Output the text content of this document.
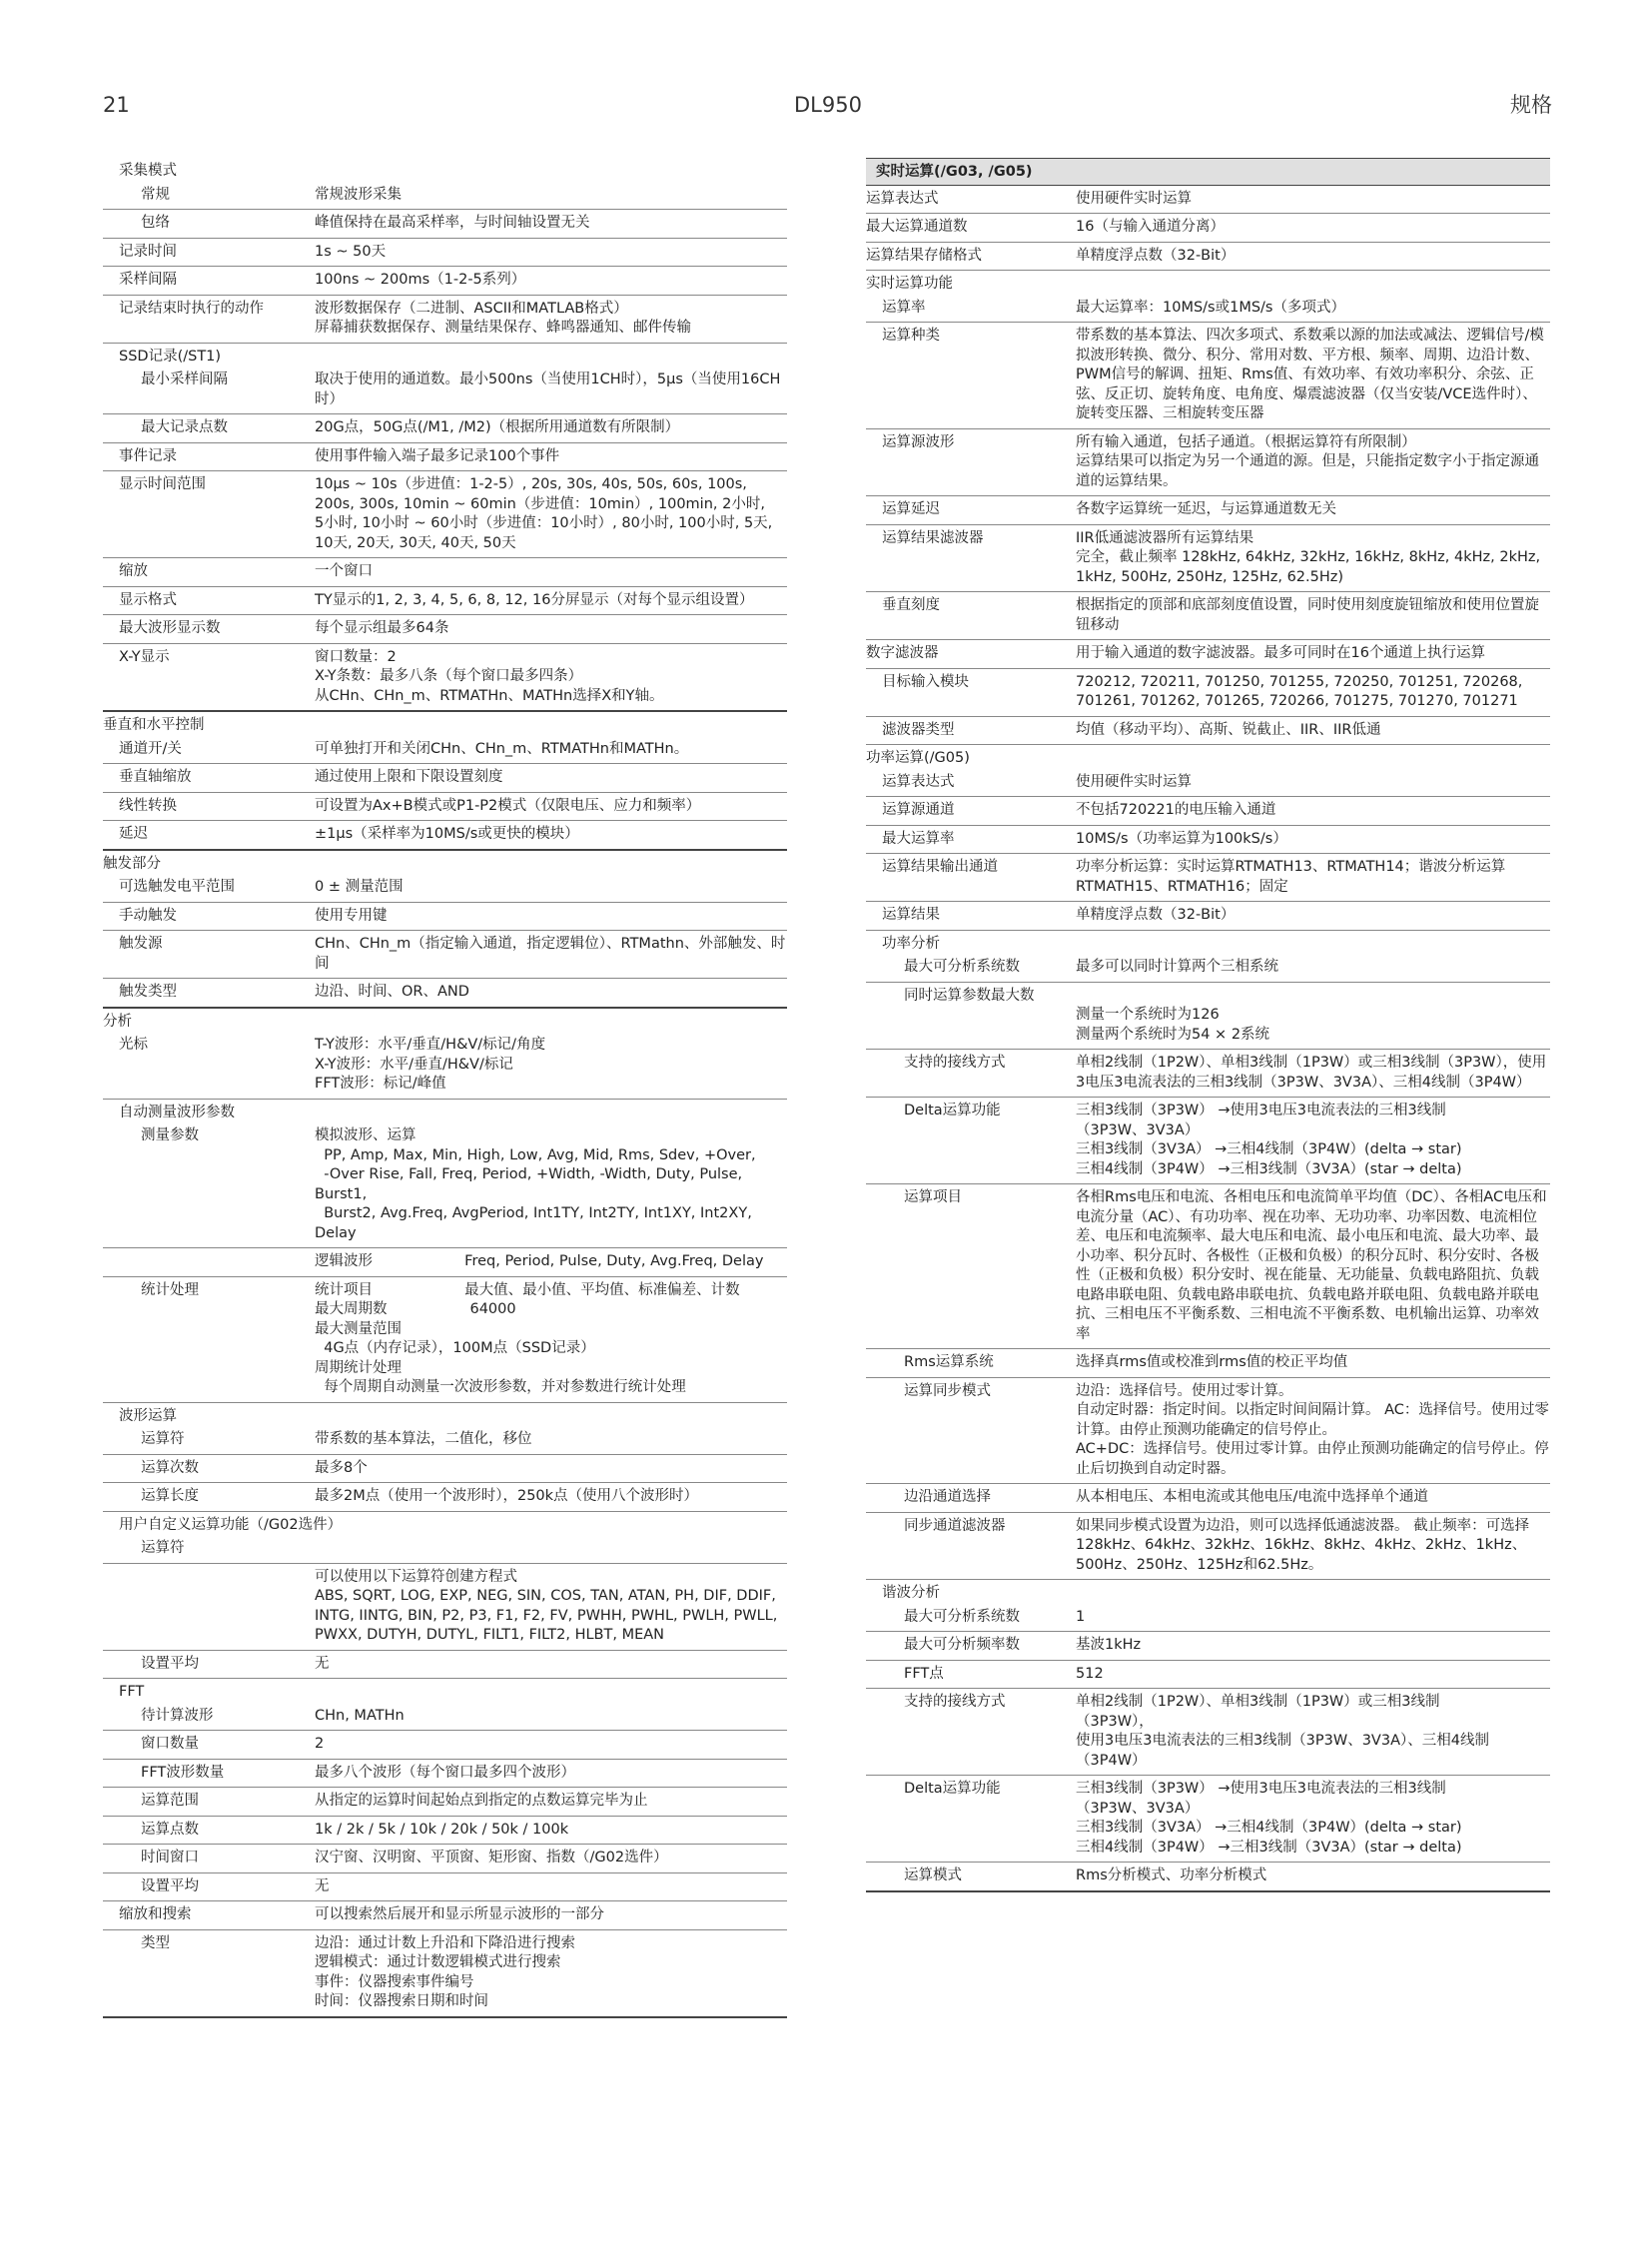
21	DL950	规格
采集模式
常规	常规波形采集
包络	峰值保持在最高采样率，与时间轴设置无关
记录时间	1s ~ 50天
采样间隔	100ns ~ 200ms（1-2-5系列）
记录结束时执行的动作	波形数据保存（二进制、ASCII和MATLAB格式）
屏幕捕获数据保存、测量结果保存、蜂鸣器通知、邮件传输
SSD记录(/ST1)
最小采样间隔	取决于使用的通道数。最小500ns（当使用1CH时），5μs（当使用16CH时）
最大记录点数	20G点，50G点(/M1, /M2)（根据所用通道数有所限制）
事件记录	使用事件输入端子最多记录100个事件
显示时间范围	10μs ~ 10s（步进值：1-2-5）, 20s, 30s, 40s, 50s, 60s, 100s,
200s, 300s, 10min ~ 60min（步进值：10min）, 100min, 2小时,
5小时, 10小时 ~ 60小时（步进值：10小时）, 80小时, 100小时, 5天,
10天, 20天, 30天, 40天, 50天
缩放	一个窗口
显示格式	TY显示的1, 2, 3, 4, 5, 6, 8, 12, 16分屏显示（对每个显示组设置）
最大波形显示数	每个显示组最多64条
X-Y显示	窗口数量：2
X-Y条数：最多八条（每个窗口最多四条）
从CHn、CHn_m、RTMATHn、MATHn选择X和Y轴。
垂直和水平控制
通道开/关	可单独打开和关闭CHn、CHn_m、RTMATHn和MATHn。
垂直轴缩放	通过使用上限和下限设置刻度
线性转换	可设置为Ax+B模式或P1-P2模式（仅限电压、应力和频率）
延迟	±1μs（采样率为10MS/s或更快的模块）
触发部分
可选触发电平范围	0 ± 测量范围
手动触发	使用专用键
触发源	CHn、CHn_m（指定输入通道，指定逻辑位）、RTMathn、外部触发、时间
触发类型	边沿、时间、OR、AND
分析
光标	T-Y波形：水平/垂直/H&V/标记/角度
X-Y波形：水平/垂直/H&V/标记
FFT波形：标记/峰值
自动测量波形参数
测量参数	模拟波形、运算
PP, Amp, Max, Min, High, Low, Avg, Mid, Rms, Sdev, +Over,
-Over Rise, Fall, Freq, Period, +Width, -Width, Duty, Pulse, Burst1,
Burst2, Avg.Freq, AvgPeriod, Int1TY, Int2TY, Int1XY, Int2XY, Delay
逻辑波形                    Freq, Period, Pulse, Duty, Avg.Freq, Delay
统计处理	统计项目                    最大值、最小值、平均值、标准偏差、计数
最大周期数                  64000
最大测量范围
4G点（内存记录），100M点（SSD记录）
周期统计处理
每个周期自动测量一次波形参数，并对参数进行统计处理
波形运算
运算符	带系数的基本算法，二值化，移位
运算次数	最多8个
运算长度	最多2M点（使用一个波形时），250k点（使用八个波形时）
用户自定义运算功能（/G02选件）
运算符
可以使用以下运算符创建方程式
ABS, SQRT, LOG, EXP, NEG, SIN, COS, TAN, ATAN, PH, DIF, DDIF, INTG, IINTG, BIN, P2, P3, F1, F2, FV, PWHH, PWHL, PWLH, PWLL, PWXX, DUTYH, DUTYL, FILT1, FILT2, HLBT, MEAN
设置平均	无
FFT
待计算波形	CHn, MATHn
窗口数量	2
FFT波形数量	最多八个波形（每个窗口最多四个波形）
运算范围	从指定的运算时间起始点到指定的点数运算完毕为止
运算点数	1k / 2k / 5k / 10k / 20k / 50k / 100k
时间窗口	汉宁窗、汉明窗、平顶窗、矩形窗、指数（/G02选件）
设置平均	无
缩放和搜索	可以搜索然后展开和显示所显示波形的一部分
类型	边沿：通过计数上升沿和下降沿进行搜索
逻辑模式：通过计数逻辑模式进行搜索
事件：仪器搜索事件编号
时间：仪器搜索日期和时间
实时运算(/G03, /G05)
运算表达式	使用硬件实时运算
最大运算通道数	16（与输入通道分离）
运算结果存储格式	单精度浮点数（32-Bit）
实时运算功能
运算率	最大运算率：10MS/s或1MS/s（多项式）
运算种类	带系数的基本算法、四次多项式、系数乘以源的加法或减法、逻辑信号/模拟波形转换、微分、积分、常用对数、平方根、频率、周期、边沿计数、PWM信号的解调、扭矩、Rms值、有效功率、有效功率积分、余弦、正弦、反正切、旋转角度、电角度、爆震滤波器（仅当安装/VCE选件时）、旋转变压器、三相旋转变压器
运算源波形	所有输入通道，包括子通道。（根据运算符有所限制）
运算结果可以指定为另一个通道的源。但是，只能指定数字小于指定源通道的运算结果。
运算延迟	各数字运算统一延迟，与运算通道数无关
运算结果滤波器	IIR低通滤波器所有运算结果
完全，截止频率 128kHz, 64kHz, 32kHz, 16kHz, 8kHz, 4kHz, 2kHz, 1kHz, 500Hz, 250Hz, 125Hz, 62.5Hz)
垂直刻度	根据指定的顶部和底部刻度值设置，同时使用刻度旋钮缩放和使用位置旋钮移动
数字滤波器	用于输入通道的数字滤波器。最多可同时在16个通道上执行运算
目标输入模块	720212, 720211, 701250, 701255, 720250, 701251, 720268,
701261, 701262, 701265, 720266, 701275, 701270, 701271
滤波器类型	均值（移动平均）、高斯、锐截止、IIR、IIR低通
功率运算(/G05)
运算表达式	使用硬件实时运算
运算源通道	不包括720221的电压输入通道
最大运算率	10MS/s（功率运算为100kS/s）
运算结果输出通道	功率分析运算：实时运算RTMATH13、RTMATH14；谐波分析运算RTMATH15、RTMATH16；固定
运算结果	单精度浮点数（32-Bit）
功率分析
最大可分析系统数	最多可以同时计算两个三相系统
同时运算参数最大数

测量一个系统时为126
测量两个系统时为54 × 2系统
支持的接线方式	单相2线制（1P2W）、单相3线制（1P3W）或三相3线制（3P3W），使用3电压3电流表法的三相3线制（3P3W、3V3A）、三相4线制（3P4W）
Delta运算功能	三相3线制（3P3W） →使用3电压3电流表法的三相3线制
（3P3W、3V3A）
三相3线制（3V3A） →三相4线制（3P4W）(delta → star)
三相4线制（3P4W） →三相3线制（3V3A）(star → delta)
运算项目	各相Rms电压和电流、各相电压和电流简单平均值（DC）、各相AC电压和电流分量（AC）、有功功率、视在功率、无功功率、功率因数、电流相位差、电压和电流频率、最大电压和电流、最小电压和电流、最大功率、最小功率、积分瓦时、各极性（正极和负极）的积分瓦时、积分安时、各极性（正极和负极）积分安时、视在能量、无功能量、负载电路阻抗、负载电路串联电阻、负载电路串联电抗、负载电路并联电阻、负载电路并联电抗、三相电压不平衡系数、三相电流不平衡系数、电机输出运算、功率效率
Rms运算系统	选择真rms值或校准到rms值的校正平均值
运算同步模式	边沿：选择信号。使用过零计算。
自动定时器：指定时间。以指定时间间隔计算。 AC：选择信号。使用过零计算。由停止预测功能确定的信号停止。
AC+DC：选择信号。使用过零计算。由停止预测功能确定的信号停止。停止后切换到自动定时器。
边沿通道选择	从本相电压、本相电流或其他电压/电流中选择单个通道
同步通道滤波器	如果同步模式设置为边沿，则可以选择低通滤波器。 截止频率：可选择128kHz、64kHz、32kHz、16kHz、8kHz、4kHz、2kHz、1kHz、500Hz、250Hz、125Hz和62.5Hz。
谐波分析
最大可分析系统数	1
最大可分析频率数	基波1kHz
FFT点	512
支持的接线方式	单相2线制（1P2W）、单相3线制（1P3W）或三相3线制
（3P3W），
使用3电压3电流表法的三相3线制（3P3W、3V3A）、三相4线制
（3P4W）
Delta运算功能	三相3线制（3P3W） →使用3电压3电流表法的三相3线制
（3P3W、3V3A）
三相3线制（3V3A） →三相4线制（3P4W）(delta → star)
三相4线制（3P4W） →三相3线制（3V3A）(star → delta)
运算模式	Rms分析模式、功率分析模式
